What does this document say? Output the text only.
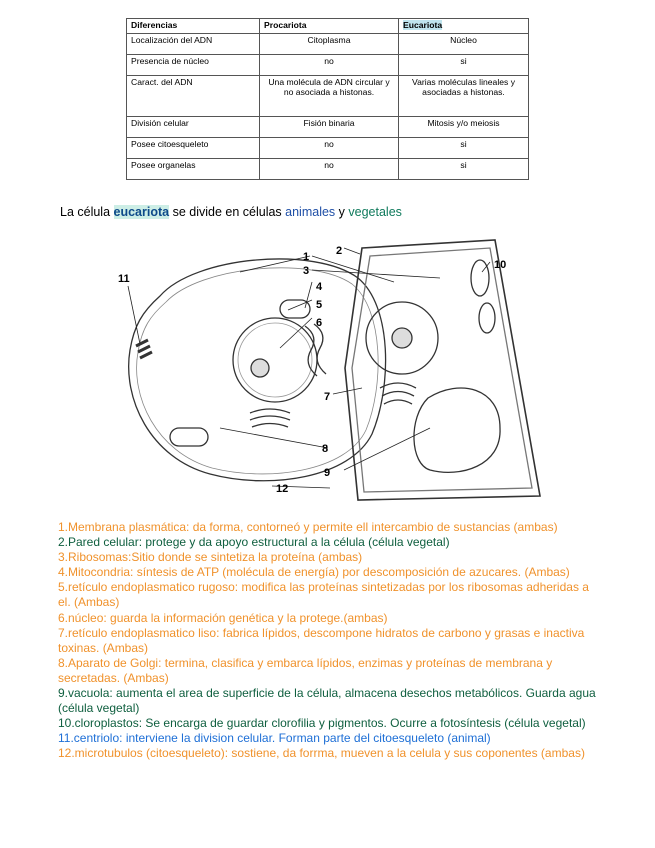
Diferencias	Procariota	Eucariota
Localización del ADN	Citoplasma	Núcleo
Presencia de núcleo	no	si
Caract. del ADN	Una molécula de ADN circular y no asociada a histonas.	Varias moléculas lineales y asociadas a histonas.
División celular	Fisión binaria	Mitosis y/o meiosis
Posee citoesqueleto	no	si
Posee organelas	no	si
La célula eucariota se divide en células animales y vegetales
1 2
3
4
5
6
7
8
9
10
11
12
1.Membrana plasmática: da forma, contorneó y permite ell intercambio de sustancias (ambas)
2.Pared celular: protege y da apoyo estructural a la célula (célula vegetal)
3.Ribosomas:Sitio donde se sintetiza la proteína (ambas)
4.Mitocondria: síntesis de ATP (molécula de energía) por descomposición de azucares. (Ambas)
5.retículo endoplasmatico rugoso: modifica las proteínas sintetizadas por los ribosomas adheridas a el. (Ambas)
6.núcleo: guarda la información genética y la protege.(ambas)
7.retículo endoplasmatico liso: fabrica lípidos, descompone hidratos de carbono y grasas e inactiva toxinas. (Ambas)
8.Aparato de Golgi: termina, clasifica y embarca lípidos, enzimas y proteínas de membrana y secretadas. (Ambas)
9.vacuola: aumenta el area de superficie de la célula, almacena desechos metabólicos. Guarda agua (célula vegetal)
10.cloroplastos: Se encarga de guardar clorofilia y pigmentos. Ocurre a fotosíntesis (célula vegetal)
11.centriolo: interviene la division celular. Forman parte del citoesqueleto (animal)
12.microtubulos (citoesqueleto): sostiene, da forrma, mueven a la celula y sus coponentes (ambas)
